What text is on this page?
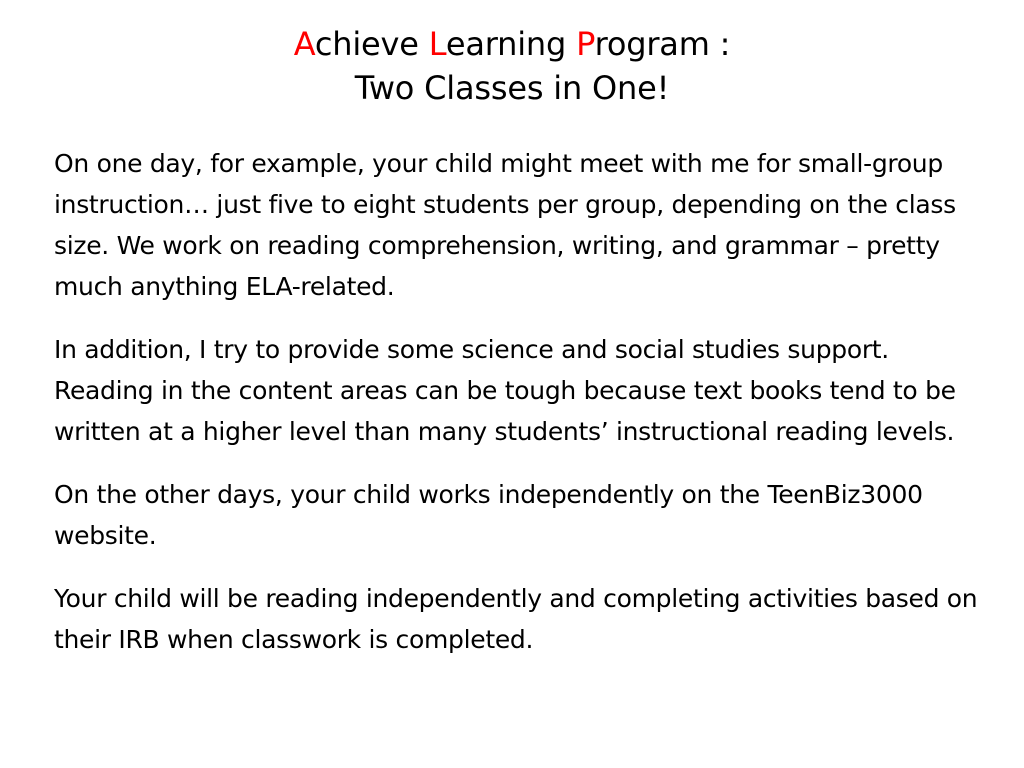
Achieve Learning Program :
Two Classes in One!

On one day, for example, your child might meet with me for small-group instruction… just five to eight students per group, depending on the class size. We work on reading comprehension, writing, and grammar – pretty much anything ELA-related.

In addition, I try to provide some science and social studies support. Reading in the content areas can be tough because text books tend to be written at a higher level than many students’ instructional reading levels.

On the other days, your child works independently on the TeenBiz3000 website.

Your child will be reading independently and completing activities based on their IRB when classwork is completed.
